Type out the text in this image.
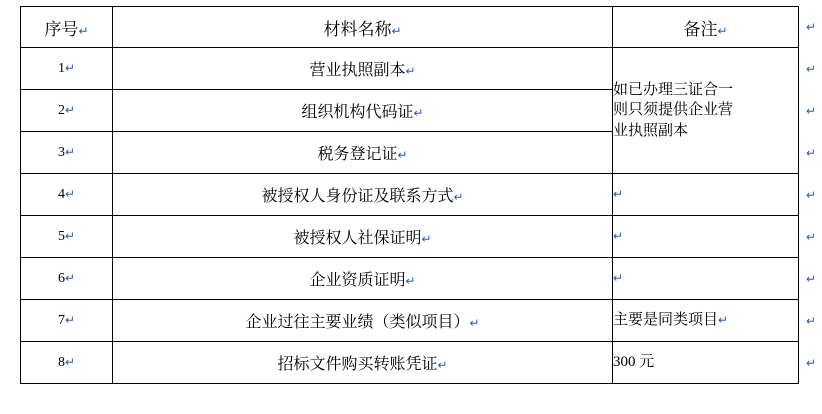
序号↵	材料名称↵	备注↵
1↵	营业执照副本↵	如已办理三证合一
则只须提供企业营
业执照副本

2↵	组织机构代码证↵	
3↵	税务登记证↵	
4↵	被授权人身份证及联系方式↵	↵
5↵	被授权人社保证明↵	↵
6↵	企业资质证明↵	↵
7↵	企业过往主要业绩（类似项目）↵	主要是同类项目↵
8↵	招标文件购买转账凭证↵	300 元
↵
↵
↵
↵
↵
↵
↵
↵
↵
